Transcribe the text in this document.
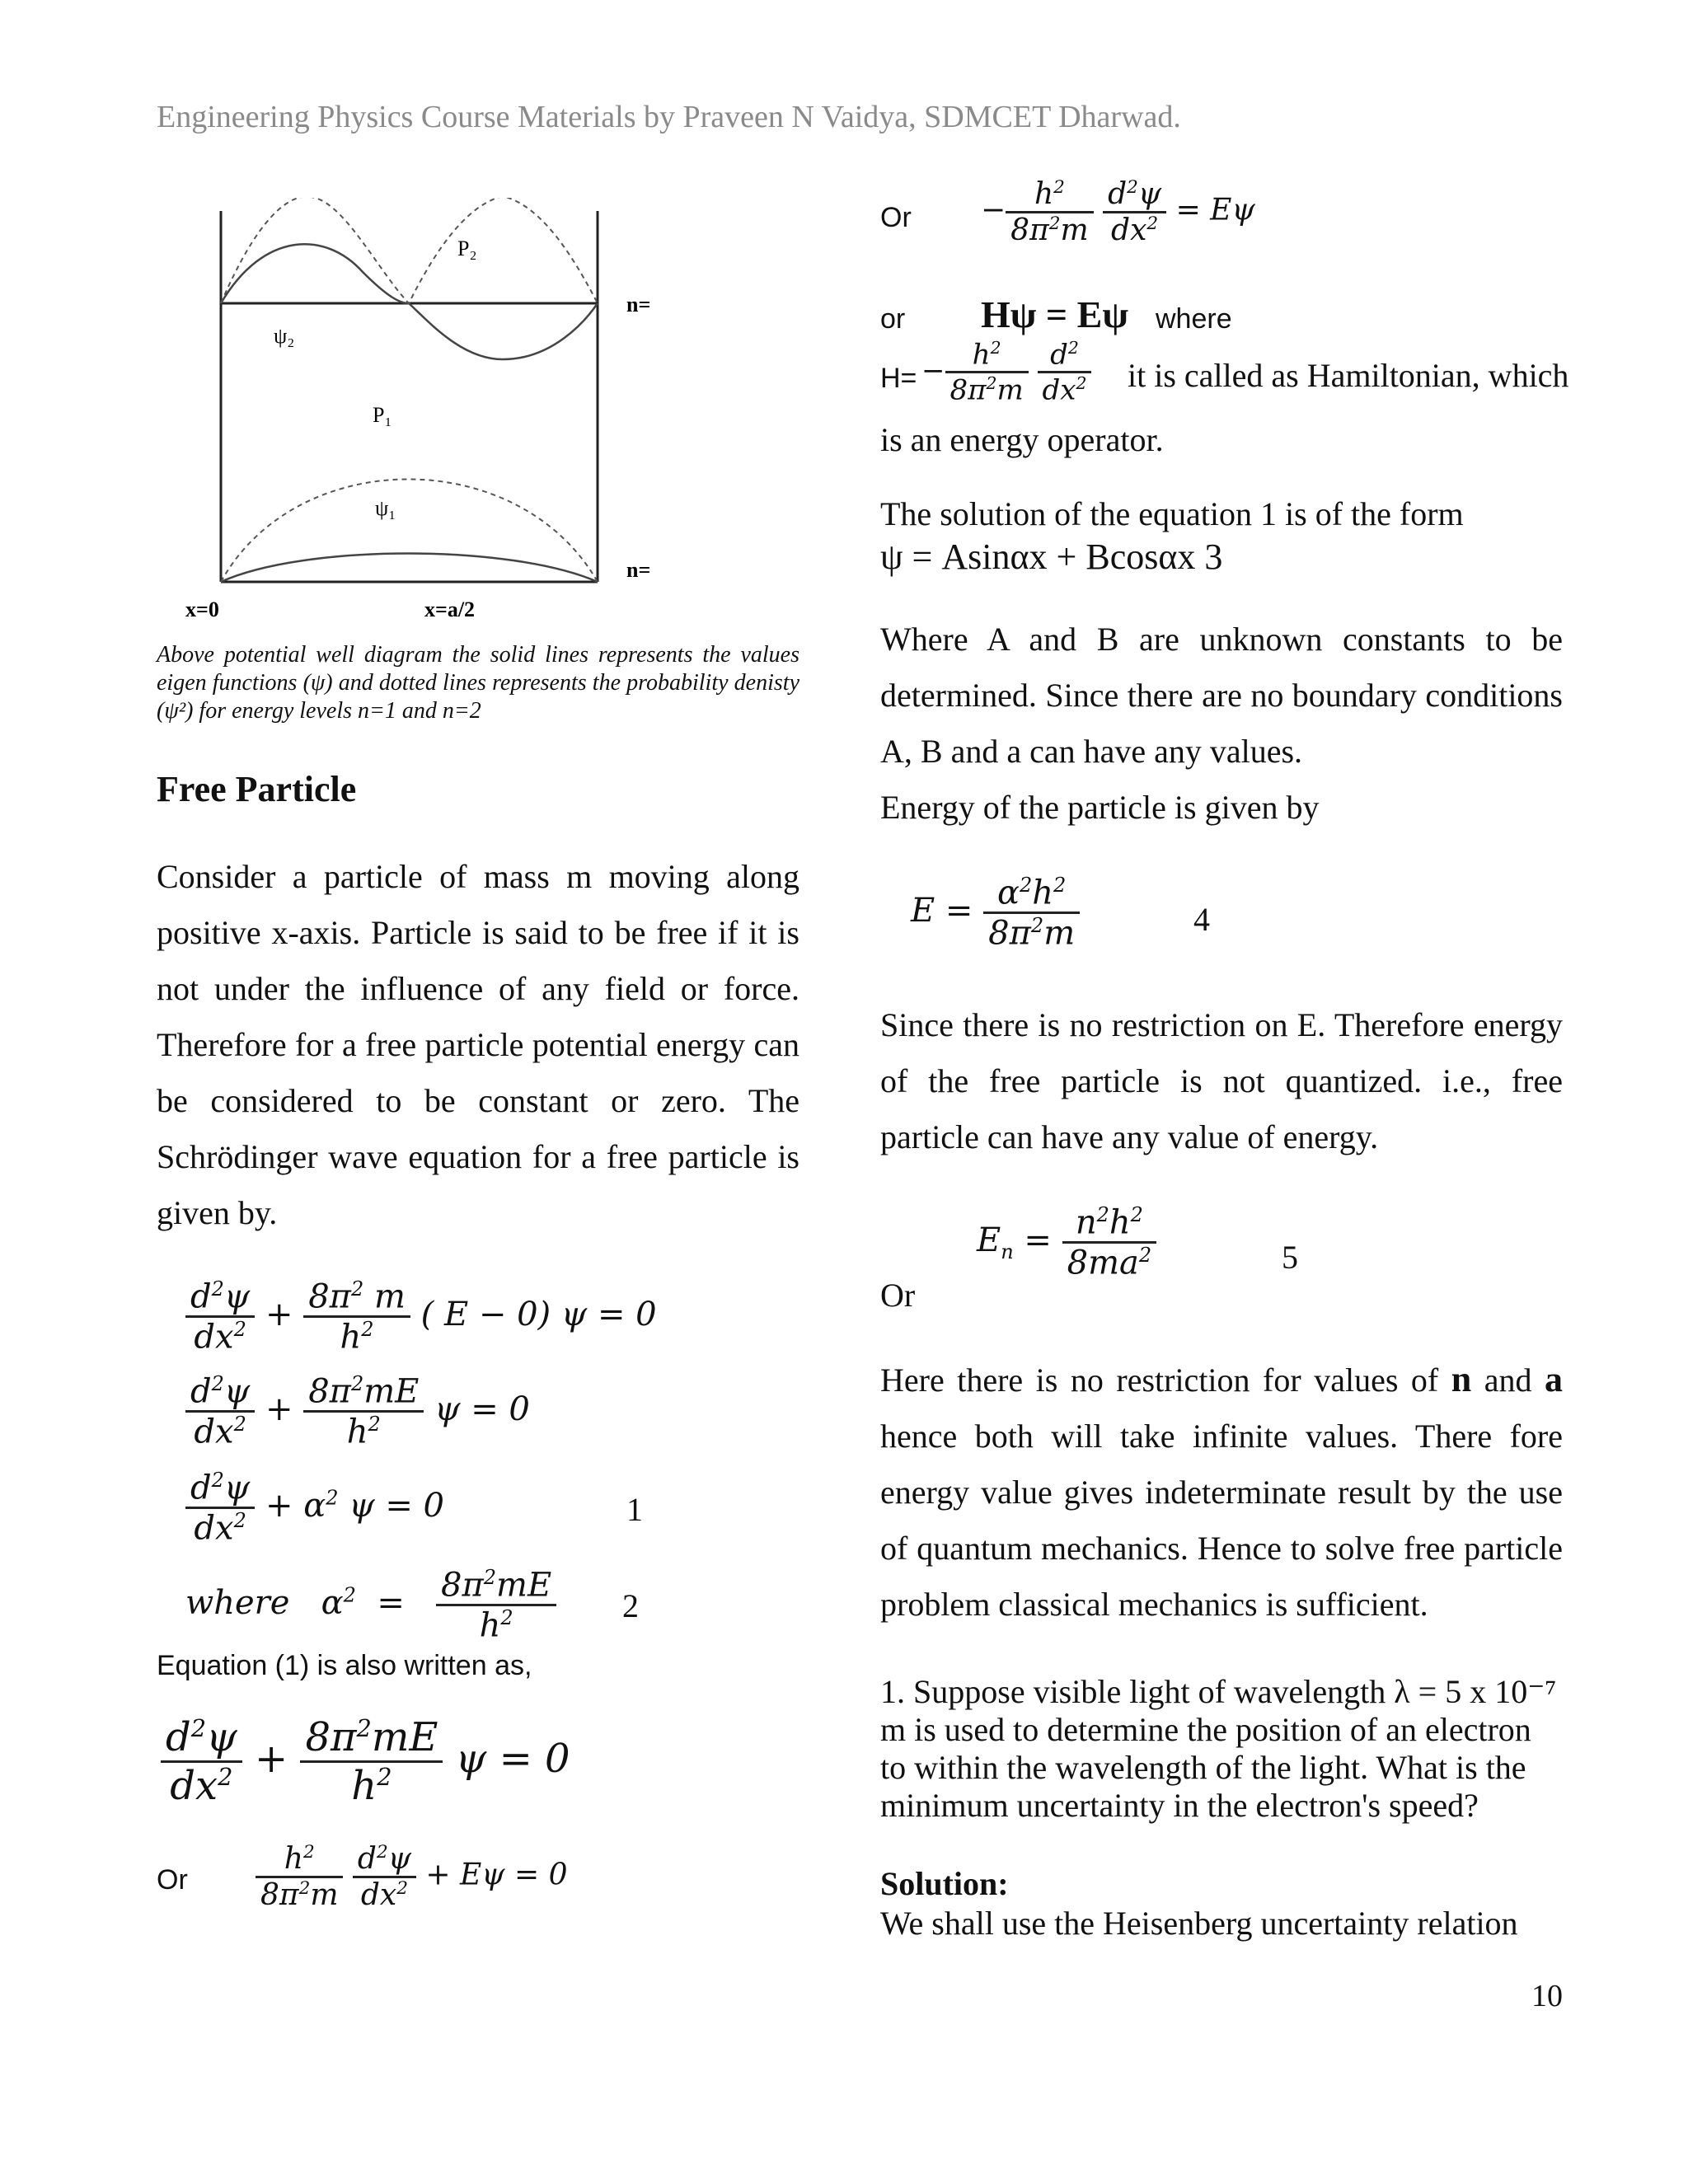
Engineering Physics Course Materials by Praveen N Vaidya, SDMCET Dharwad.
P₂
ψ₂
P₁
ψ₁
n=
n=
x=0	x=a/2
Above potential well diagram the solid lines represents the values eigen functions (ψ) and dotted lines represents the probability denisty (ψ²) for energy levels n=1 and n=2
Free Particle
Consider a particle of mass m moving along positive x-axis. Particle is said to be free if it is not under the influence of any field or force. Therefore for a free particle potential energy can be considered to be constant or zero. The Schrödinger wave equation for a free particle is given by.
$\frac{d^2\psi}{dx^2} + \frac{8\pi^2 m}{h^2}$ ( E − 0) ψ = 0
$\frac{d^2\psi}{dx^2} + \frac{8\pi^2mE}{h^2}$ ψ = 0
$\frac{d^2\psi}{dx^2} + \alpha^2$ ψ = 0	1
where   $\alpha^2 = \frac{8\pi^2mE}{h^2} 2$
Equation (1) is also written as,
$\frac{d^2\psi}{dx^2} + \frac{8\pi^2mE}{h^2}$ ψ = 0
Or $\frac{h^2}{8\pi^2m}$
$\frac{d^2\psi}{dx^2} + E\psi = 0$
$Or - \frac{h^2}{8\pi^2m}$
$\frac{d^2\psi}{dx^2} = E\psi$
or Hψ = Eψ where
$H= - \frac{h^2}{8\pi^2m}$
$\frac{d^2}{dx^2}$ it is called as Hamiltonian, which
is an energy operator.
The solution of the equation 1 is of the form
ψ = Asinαx + Bcosαx 3
Where A and B are unknown constants to be determined. Since there are no boundary conditions A, B and a can have any values.
Energy of the particle is given by
$E = \frac{\alpha^2h^2}{8\pi^2m}$	4
Since there is no restriction on E. Therefore energy of the free particle is not quantized. i.e., free particle can have any value of energy.
Or
$E_n = \frac{n^2h^2}{8ma^2}$	5
Here there is no restriction for values of n and a hence both will take infinite values. There fore energy value gives indeterminate result by the use of quantum mechanics. Hence to solve free particle problem classical mechanics is sufficient.
1. Suppose visible light of wavelength λ = 5 x 10⁻⁷ m is used to determine the position of an electron to within the wavelength of the light. What is the minimum uncertainty in the electron's speed?
Solution:
We shall use the Heisenberg uncertainty relation
10
